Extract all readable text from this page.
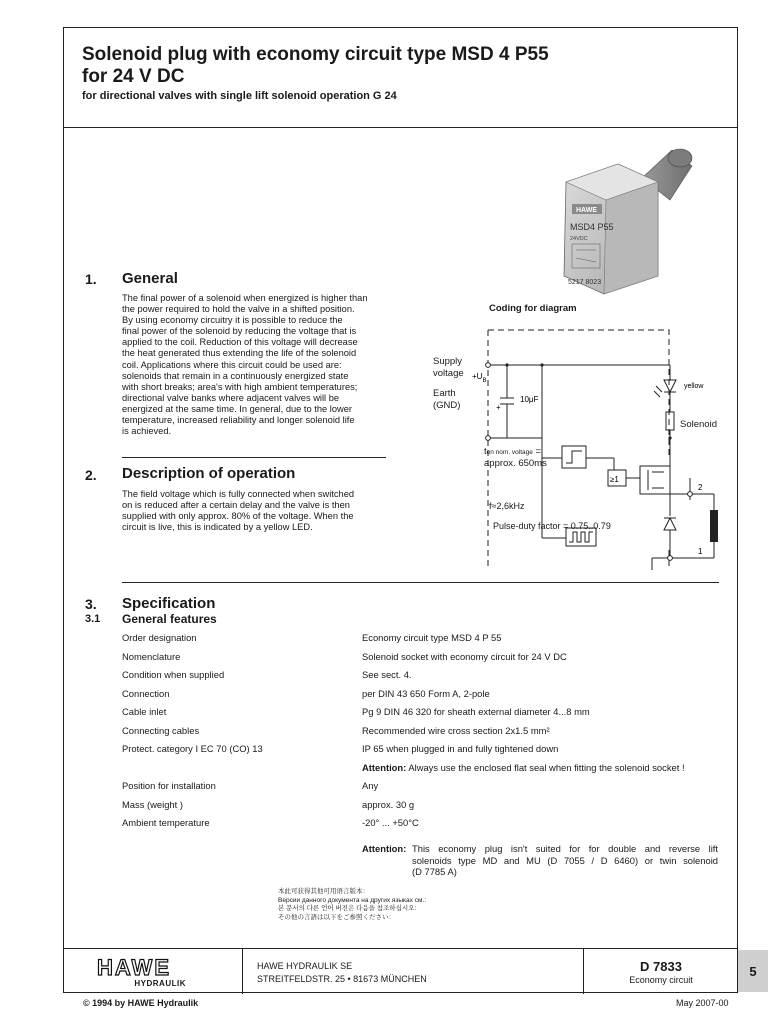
Solenoid plug with economy circuit type MSD 4 P55
for 24 V DC
for directional valves with single lift solenoid operation G 24
HAWE
MSD4 P55
24VDC
5217 8023
1. General
The final power of a solenoid when energized is higher than
the power required to hold the valve in a shifted position.
By using economy circuitry it is possible to reduce the
final power of the solenoid by reducing the voltage that is
applied to the coil. Reduction of this voltage will decrease
the heat generated thus extending the life of the solenoid
coil. Applications where this circuit could be used are:
solenoids that remain in a continuously energized state
with short breaks; area's with high ambient temperatures;
directional valve banks where adjacent valves will be
energized at the same time. In general, due to the lower
temperature, increased reliability and longer solenoid life
is achieved.
2. Description of operation
The field voltage which is fully connected when switched
on is reduced after a certain delay and the valve is then
supplied with only approx. 80% of the voltage. When the
circuit is live, this is indicated by a yellow LED.
Coding for diagram
$+U_B$
10μF
+
yellow
≥1
2
1
Supply
voltage
Earth
(GND)
Solenoid
ton nom. voltage =
approx. 650ms
f≈2,6kHz
Pulse-duty factor = 0.75..0.79
3. Specification
3.1 General features
Order designation	Economy circuit type MSD 4 P 55
Nomenclature	Solenoid socket with economy circuit for 24 V DC
Condition when supplied	See sect. 4.
Connection	per DIN 43 650 Form A, 2-pole
Cable inlet	Pg 9 DIN 46 320 for sheath external diameter 4...8 mm
Connecting cables	Recommended wire cross section 2x1.5 mm²
Protect. category I EC 70 (CO) 13	IP 65 when plugged in and fully tightened down
Attention: Always use the enclosed flat seal when fitting the solenoid socket !
Position for installation	Any
Mass (weight )	approx. 30 g
Ambient temperature	-20° ... +50°C
Attention: This economy plug isn't suited for for double and reverse lift
solenoids type MD and MU (D 7055 / D 6460) or twin solenoid
(D 7785 A)
本此可获得其他可用语言版本：
Версии данного документа на других языках см.:
본 문서의 다른 언어 버전은 다음을 참조하십시오:
その他の言語は以下をご参照ください：
HAWE
HYDRAULIK
HAWE HYDRAULIK SE
STREITFELDSTR. 25 • 81673 MÜNCHEN
D 7833
Economy circuit
5
© 1994 by HAWE Hydraulik	May 2007-00
